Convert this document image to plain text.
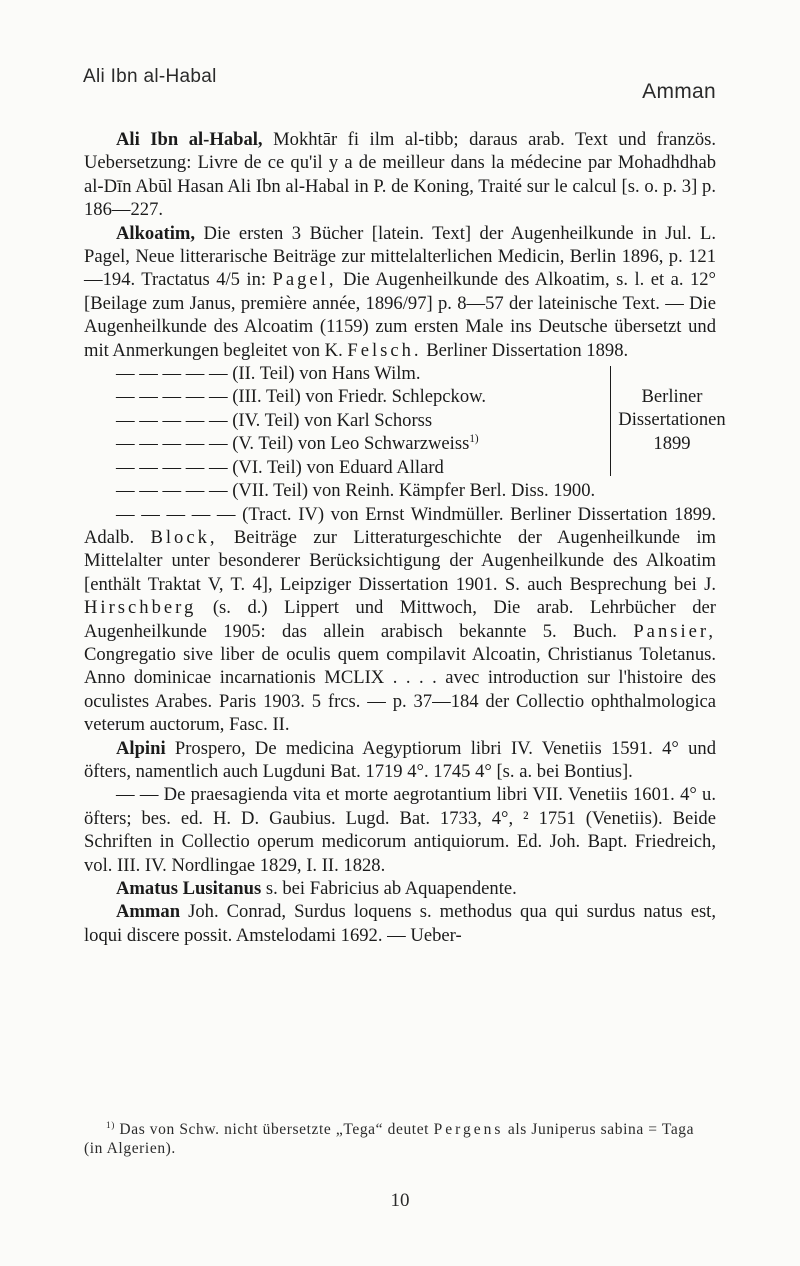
Ali Ibn al-Habal
Amman

Ali Ibn al-Habal, Mokhtār fi ilm al-tibb; daraus arab. Text und französ. Uebersetzung: Livre de ce qu'il y a de meilleur dans la médecine par Mohadhdhab al-Dīn Abūl Hasan Ali Ibn al-Habal in P. de Koning, Traité sur le calcul [s. o. p. 3] p. 186—227.

Alkoatim, Die ersten 3 Bücher [latein. Text] der Augenheilkunde in Jul. L. Pagel, Neue litterarische Beiträge zur mittelalterlichen Medicin, Berlin 1896, p. 121—194. Tractatus 4/5 in: Pagel, Die Augenheilkunde des Alkoatim, s. l. et a. 12° [Beilage zum Janus, première année, 1896/97] p. 8—57 der lateinische Text. — Die Augenheilkunde des Alcoatim (1159) zum ersten Male ins Deutsche übersetzt und mit Anmerkungen begleitet von K. Felsch. Berliner Dissertation 1898.

— — — — — (II. Teil) von Hans Wilm.

— — — — — (III. Teil) von Friedr. Schlepckow.

— — — — — (IV. Teil) von Karl Schorss

— — — — — (V. Teil) von Leo Schwarzweiss$^{1)}$

— — — — — (VI. Teil) von Eduard Allard

Berliner
Dissertationen
1899

— — — — — (VII. Teil) von Reinh. Kämpfer Berl. Diss. 1900.

— — — — — (Tract. IV) von Ernst Windmüller. Berliner Dissertation 1899. Adalb. Block, Beiträge zur Litteraturgeschichte der Augenheilkunde im Mittelalter unter besonderer Berücksichtigung der Augenheilkunde des Alkoatim [enthält Traktat V, T. 4], Leipziger Dissertation 1901. S. auch Besprechung bei J. Hirschberg (s. d.) Lippert und Mittwoch, Die arab. Lehrbücher der Augenheilkunde 1905: das allein arabisch bekannte 5. Buch. Pansier, Congregatio sive liber de oculis quem compilavit Alcoatin, Christianus Toletanus. Anno dominicae incarnationis MCLIX . . . . avec introduction sur l'histoire des oculistes Arabes. Paris 1903. 5 frcs. — p. 37—184 der Collectio ophthalmologica veterum auctorum, Fasc. II.

Alpini Prospero, De medicina Aegyptiorum libri IV. Venetiis 1591. 4° und öfters, namentlich auch Lugduni Bat. 1719 4°. 1745 4° [s. a. bei Bontius].

— — De praesagienda vita et morte aegrotantium libri VII. Venetiis 1601. 4° u. öfters; bes. ed. H. D. Gaubius. Lugd. Bat. 1733, 4°, ² 1751 (Venetiis). Beide Schriften in Collectio operum medicorum antiquiorum. Ed. Joh. Bapt. Friedreich, vol. III. IV. Nordlingae 1829, I. II. 1828.

Amatus Lusitanus s. bei Fabricius ab Aquapendente.

Amman Joh. Conrad, Surdus loquens s. methodus qua qui surdus natus est, loqui discere possit. Amstelodami 1692. — Ueber-

$^{1)}$ Das von Schw. nicht übersetzte „Tega“ deutet Pergens als Juniperus sabina = Taga (in Algerien).

10
